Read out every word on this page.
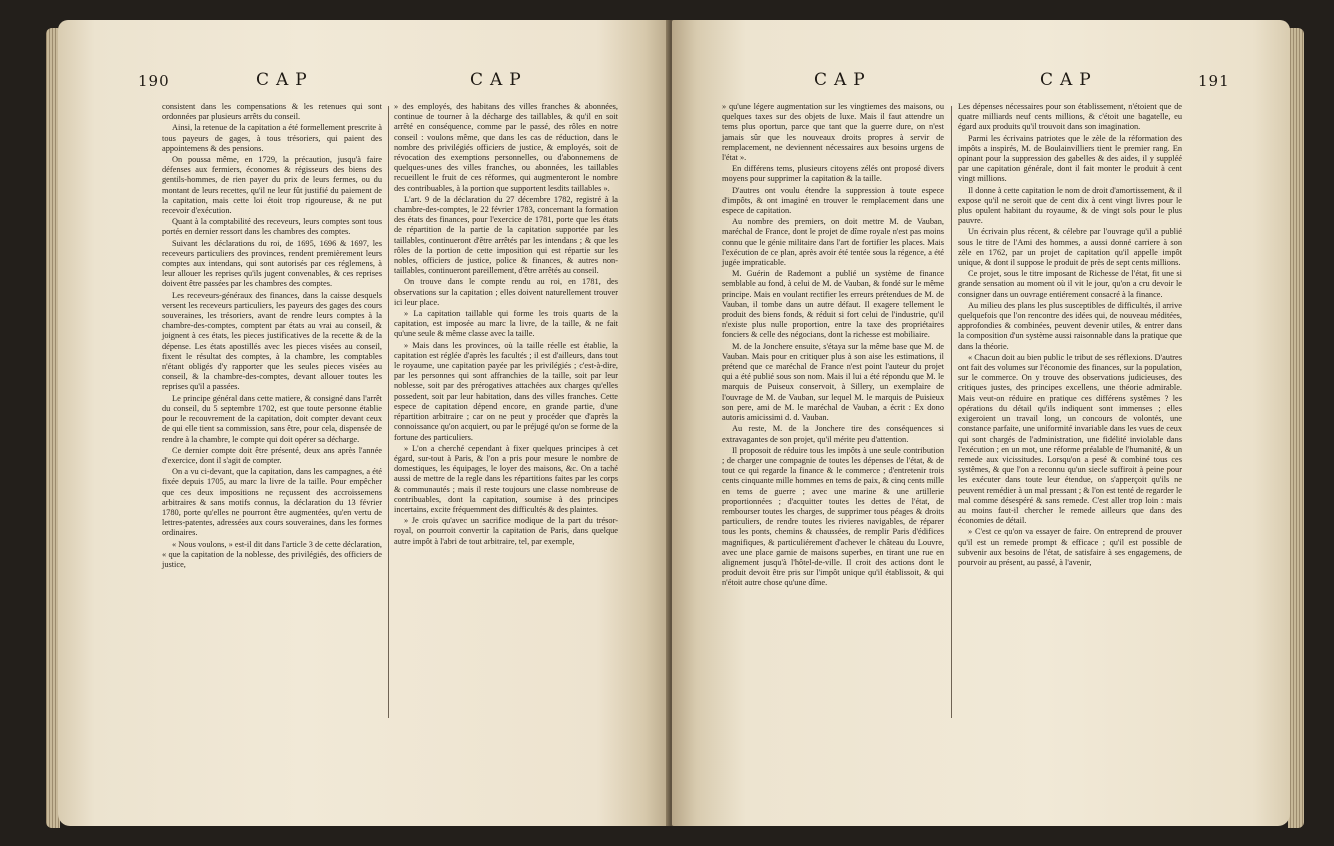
190	CAP	CAP

consistent dans les compensations & les retenues qui sont ordonnées par plusieurs arrêts du conseil.

Ainsi, la retenue de la capitation a été formellement prescrite à tous payeurs de gages, à tous trésoriers, qui paient des appointemens & des pensions.

On poussa même, en 1729, la précaution, jusqu'à faire défenses aux fermiers, économes & régisseurs des biens des gentils-hommes, de rien payer du prix de leurs fermes, ou du montant de leurs recettes, qu'il ne leur fût justifié du paiement de la capitation, mais cette loi étoit trop rigoureuse, & ne put recevoir d'exécution.

Quant à la comptabilité des receveurs, leurs comptes sont tous portés en dernier ressort dans les chambres des comptes.

Suivant les déclarations du roi, de 1695, 1696 & 1697, les receveurs particuliers des provinces, rendent premièrement leurs comptes aux intendans, qui sont autorisés par ces réglemens, à leur allouer les reprises qu'ils jugent convenables, & ces reprises doivent être passées par les chambres des comptes.

Les receveurs-généraux des finances, dans la caisse desquels versent les receveurs particuliers, les payeurs des gages des cours souveraines, les trésoriers, avant de rendre leurs comptes à la chambre-des-comptes, comptent par états au vrai au conseil, & joignent à ces états, les pieces justificatives de la recette & de la dépense. Les états apostillés avec les pieces visées au conseil, fixent le résultat des comptes, à la chambre, les comptables n'étant obligés d'y rapporter que les seules pieces visées au conseil, & la chambre-des-comptes, devant allouer toutes les reprises qu'il a passées.

Le principe général dans cette matiere, & consigné dans l'arrêt du conseil, du 5 septembre 1702, est que toute personne établie pour le recouvrement de la capitation, doit compter devant ceux de qui elle tient sa commission, sans être, pour cela, dispensée de rendre à la chambre, le compte qui doit opérer sa décharge.

Ce dernier compte doit être présenté, deux ans après l'année d'exercice, dont il s'agit de compter.

On a vu ci-devant, que la capitation, dans les campagnes, a été fixée depuis 1705, au marc la livre de la taille. Pour empêcher que ces deux impositions ne reçussent des accroissemens arbitraires & sans motifs connus, la déclaration du 13 février 1780, porte qu'elles ne pourront être augmentées, qu'en vertu de lettres-patentes, adressées aux cours souveraines, dans les formes ordinaires.

« Nous voulons, » est-il dit dans l'article 3 de cette déclaration, « que la capitation de la noblesse, des privilégiés, des officiers de justice,

» des employés, des habitans des villes franches & abonnées, continue de tourner à la décharge des taillables, & qu'il en soit arrêté en conséquence, comme par le passé, des rôles en notre conseil : voulons même, que dans les cas de réduction, dans le nombre des privilégiés officiers de justice, & employés, soit de révocation des exemptions personnelles, ou d'abonnemens de quelques-unes des villes franches, ou abonnées, les taillables recueillent le fruit de ces réformes, qui augmenteront le nombre des contribuables, à la portion que supportent lesdits taillables ».

L'art. 9 de la déclaration du 27 décembre 1782, registré à la chambre-des-comptes, le 22 février 1783, concernant la formation des états des finances, pour l'exercice de 1781, porte que les états de répartition de la partie de la capitation supportée par les taillables, continueront d'être arrêtés par les intendans ; & que les rôles de la portion de cette imposition qui est répartie sur les nobles, officiers de justice, police & finances, & autres non-taillables, continueront pareillement, d'être arrêtés au conseil.

On trouve dans le compte rendu au roi, en 1781, des observations sur la capitation ; elles doivent naturellement trouver ici leur place.

» La capitation taillable qui forme les trois quarts de la capitation, est imposée au marc la livre, de la taille, & ne fait qu'une seule & même classe avec la taille.

» Mais dans les provinces, où la taille réelle est établie, la capitation est réglée d'après les facultés ; il est d'ailleurs, dans tout le royaume, une capitation payée par les privilégiés ; c'est-à-dire, par les personnes qui sont affranchies de la taille, soit par leur noblesse, soit par des prérogatives attachées aux charges qu'elles possedent, soit par leur habitation, dans des villes franches. Cette espece de capitation dépend encore, en grande partie, d'une répartition arbitraire ; car on ne peut y procéder que d'après la connoissance qu'on acquiert, ou par le préjugé qu'on se forme de la fortune des particuliers.

» L'on a cherché cependant à fixer quelques principes à cet égard, sur-tout à Paris, & l'on a pris pour mesure le nombre de domestiques, les équipages, le loyer des maisons, &c. On a taché aussi de mettre de la regle dans les répartitions faites par les corps & communautés ; mais il reste toujours une classe nombreuse de contribuables, dont la capitation, soumise à des principes incertains, excite fréquemment des difficultés & des plaintes.

» Je crois qu'avec un sacrifice modique de la part du trésor-royal, on pourroit convertir la capitation de Paris, dans quelque autre impôt à l'abri de tout arbitraire, tel, par exemple,

CAP	CAP	191

» qu'une légere augmentation sur les vingtiemes des maisons, ou quelques taxes sur des objets de luxe. Mais il faut attendre un tems plus oportun, parce que tant que la guerre dure, on n'est jamais sûr que les nouveaux droits propres à servir de remplacement, ne deviennent nécessaires aux besoins urgens de l'état ».

En différens tems, plusieurs citoyens zélés ont proposé divers moyens pour supprimer la capitation & la taille.

D'autres ont voulu étendre la suppression à toute espece d'impôts, & ont imaginé en trouver le remplacement dans une espece de capitation.

Au nombre des premiers, on doit mettre M. de Vauban, maréchal de France, dont le projet de dîme royale n'est pas moins connu que le génie militaire dans l'art de fortifier les places. Mais l'exécution de ce plan, après avoir été tentée sous la régence, a été jugée impraticable.

M. Guérin de Rademont a publié un système de finance semblable au fond, à celui de M. de Vauban, & fondé sur le même principe. Mais en voulant rectifier les erreurs prétendues de M. de Vauban, il tombe dans un autre défaut. Il exagere tellement le produit des biens fonds, & réduit si fort celui de l'industrie, qu'il n'existe plus nulle proportion, entre la taxe des propriétaires fonciers & celle des négocians, dont la richesse est mobiliaire.

M. de la Jonchere ensuite, s'étaya sur la même base que M. de Vauban. Mais pour en critiquer plus à son aise les estimations, il prétend que ce maréchal de France n'est point l'auteur du projet qui a été publié sous son nom. Mais il lui a été répondu que M. le marquis de Puiseux conservoit, à Sillery, un exemplaire de l'ouvrage de M. de Vauban, sur lequel M. le marquis de Puisieux son pere, ami de M. le maréchal de Vauban, a écrit : Ex dono autoris amicissimi d. d. Vauban.

Au reste, M. de la Jonchere tire des conséquences si extravagantes de son projet, qu'il mérite peu d'attention.

Il proposoit de réduire tous les impôts à une seule contribution ; de charger une compagnie de toutes les dépenses de l'état, & de tout ce qui regarde la finance & le commerce ; d'entretenir trois cents cinquante mille hommes en tems de paix, & cinq cents mille en tems de guerre ; avec une marine & une artillerie proportionnées ; d'acquitter toutes les dettes de l'état, de rembourser toutes les charges, de supprimer tous péages & droits particuliers, de rendre toutes les rivieres navigables, de réparer tous les ponts, chemins & chaussées, de remplir Paris d'édifices magnifiques, & particuliérement d'achever le château du Louvre, avec une place garnie de maisons superbes, en tirant une rue en alignement jusqu'à l'hôtel-de-ville. Il croit des actions dont le produit devoit être pris sur l'impôt unique qu'il établissoit, & qui n'étoit autre chose qu'une dîme.

Les dépenses nécessaires pour son établissement, n'étoient que de quatre milliards neuf cents millions, & c'étoit une bagatelle, eu égard aux produits qu'il trouvoit dans son imagination.

Parmi les écrivains patriotes que le zèle de la réformation des impôts a inspirés, M. de Boulainvilliers tient le premier rang. En opinant pour la suppression des gabelles & des aides, il y suppléé par une capitation générale, dont il fait monter le produit à cent vingt millions.

Il donne à cette capitation le nom de droit d'amortissement, & il expose qu'il ne seroit que de cent dix à cent vingt livres pour le plus opulent habitant du royaume, & de vingt sols pour le plus pauvre.

Un écrivain plus récent, & célebre par l'ouvrage qu'il a publié sous le titre de l'Ami des hommes, a aussi donné carriere à son zèle en 1762, par un projet de capitation qu'il appelle impôt unique, & dont il suppose le produit de près de sept cents millions.

Ce projet, sous le titre imposant de Richesse de l'état, fit une si grande sensation au moment où il vit le jour, qu'on a cru devoir le consigner dans un ouvrage entiérement consacré à la finance.

Au milieu des plans les plus susceptibles de difficultés, il arrive quelquefois que l'on rencontre des idées qui, de nouveau méditées, approfondies & combinées, peuvent devenir utiles, & entrer dans la composition d'un système aussi raisonnable dans la pratique que dans la théorie.

« Chacun doit au bien public le tribut de ses réflexions. D'autres ont fait des volumes sur l'économie des finances, sur la population, sur le commerce. On y trouve des observations judicieuses, des critiques justes, des principes excellens, une théorie admirable. Mais veut-on réduire en pratique ces différens systêmes ? les opérations du détail qu'ils indiquent sont immenses ; elles exigeroient un travail long, un concours de volontés, une constance parfaite, une uniformité invariable dans les vues de ceux qui sont chargés de l'administration, une fidélité inviolable dans l'exécution ; en un mot, une réforme préalable de l'humanité, & un remede aux vicissitudes. Lorsqu'on a pesé & combiné tous ces systêmes, & que l'on a reconnu qu'un siecle suffiroit à peine pour les exécuter dans toute leur étendue, on s'apperçoit qu'ils ne peuvent remédier à un mal pressant ; & l'on est tenté de regarder le mal comme désespéré & sans remede. C'est aller trop loin : mais au moins faut-il chercher le remede ailleurs que dans des économies de détail.

» C'est ce qu'on va essayer de faire. On entreprend de prouver qu'il est un remede prompt & efficace ; qu'il est possible de subvenir aux besoins de l'état, de satisfaire à ses engagemens, de pourvoir au présent, au passé, à l'avenir,
